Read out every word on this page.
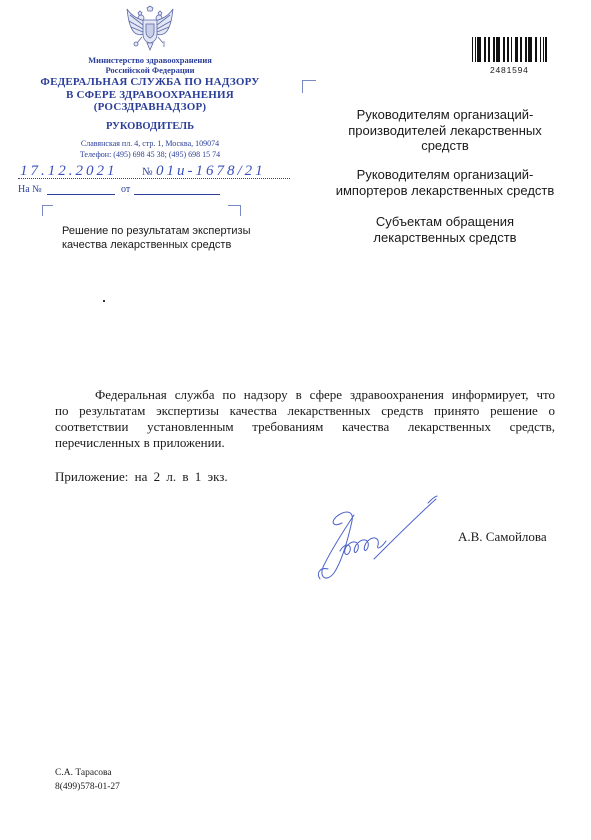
Министерство здравоохранения
Российской Федерации
ФЕДЕРАЛЬНАЯ СЛУЖБА ПО НАДЗОРУ
В СФЕРЕ ЗДРАВООХРАНЕНИЯ
(РОСЗДРАВНАДЗОР)
РУКОВОДИТЕЛЬ
Славянская пл. 4, стр. 1, Москва, 109074
Телефон: (495) 698 45 38; (495) 698 15 74
17.12.2021 № 01и-1678/21
На №	от
Решение по результатам экспертизы
качества лекарственных средств
2481594
Руководителям организаций-
производителей лекарственных
средств
Руководителям организаций-
импортеров лекарственных средств
Субъектам обращения
лекарственных средств
Федеральная служба по надзору в сфере здравоохранения информирует, что
по результатам экспертизы качества лекарственных средств принято решение о
соответствии установленным требованиям качества лекарственных средств,
перечисленных в приложении.
Приложение: на 2 л. в 1 экз.
А.В. Самойлова
С.А. Тарасова
8(499)578-01-27
